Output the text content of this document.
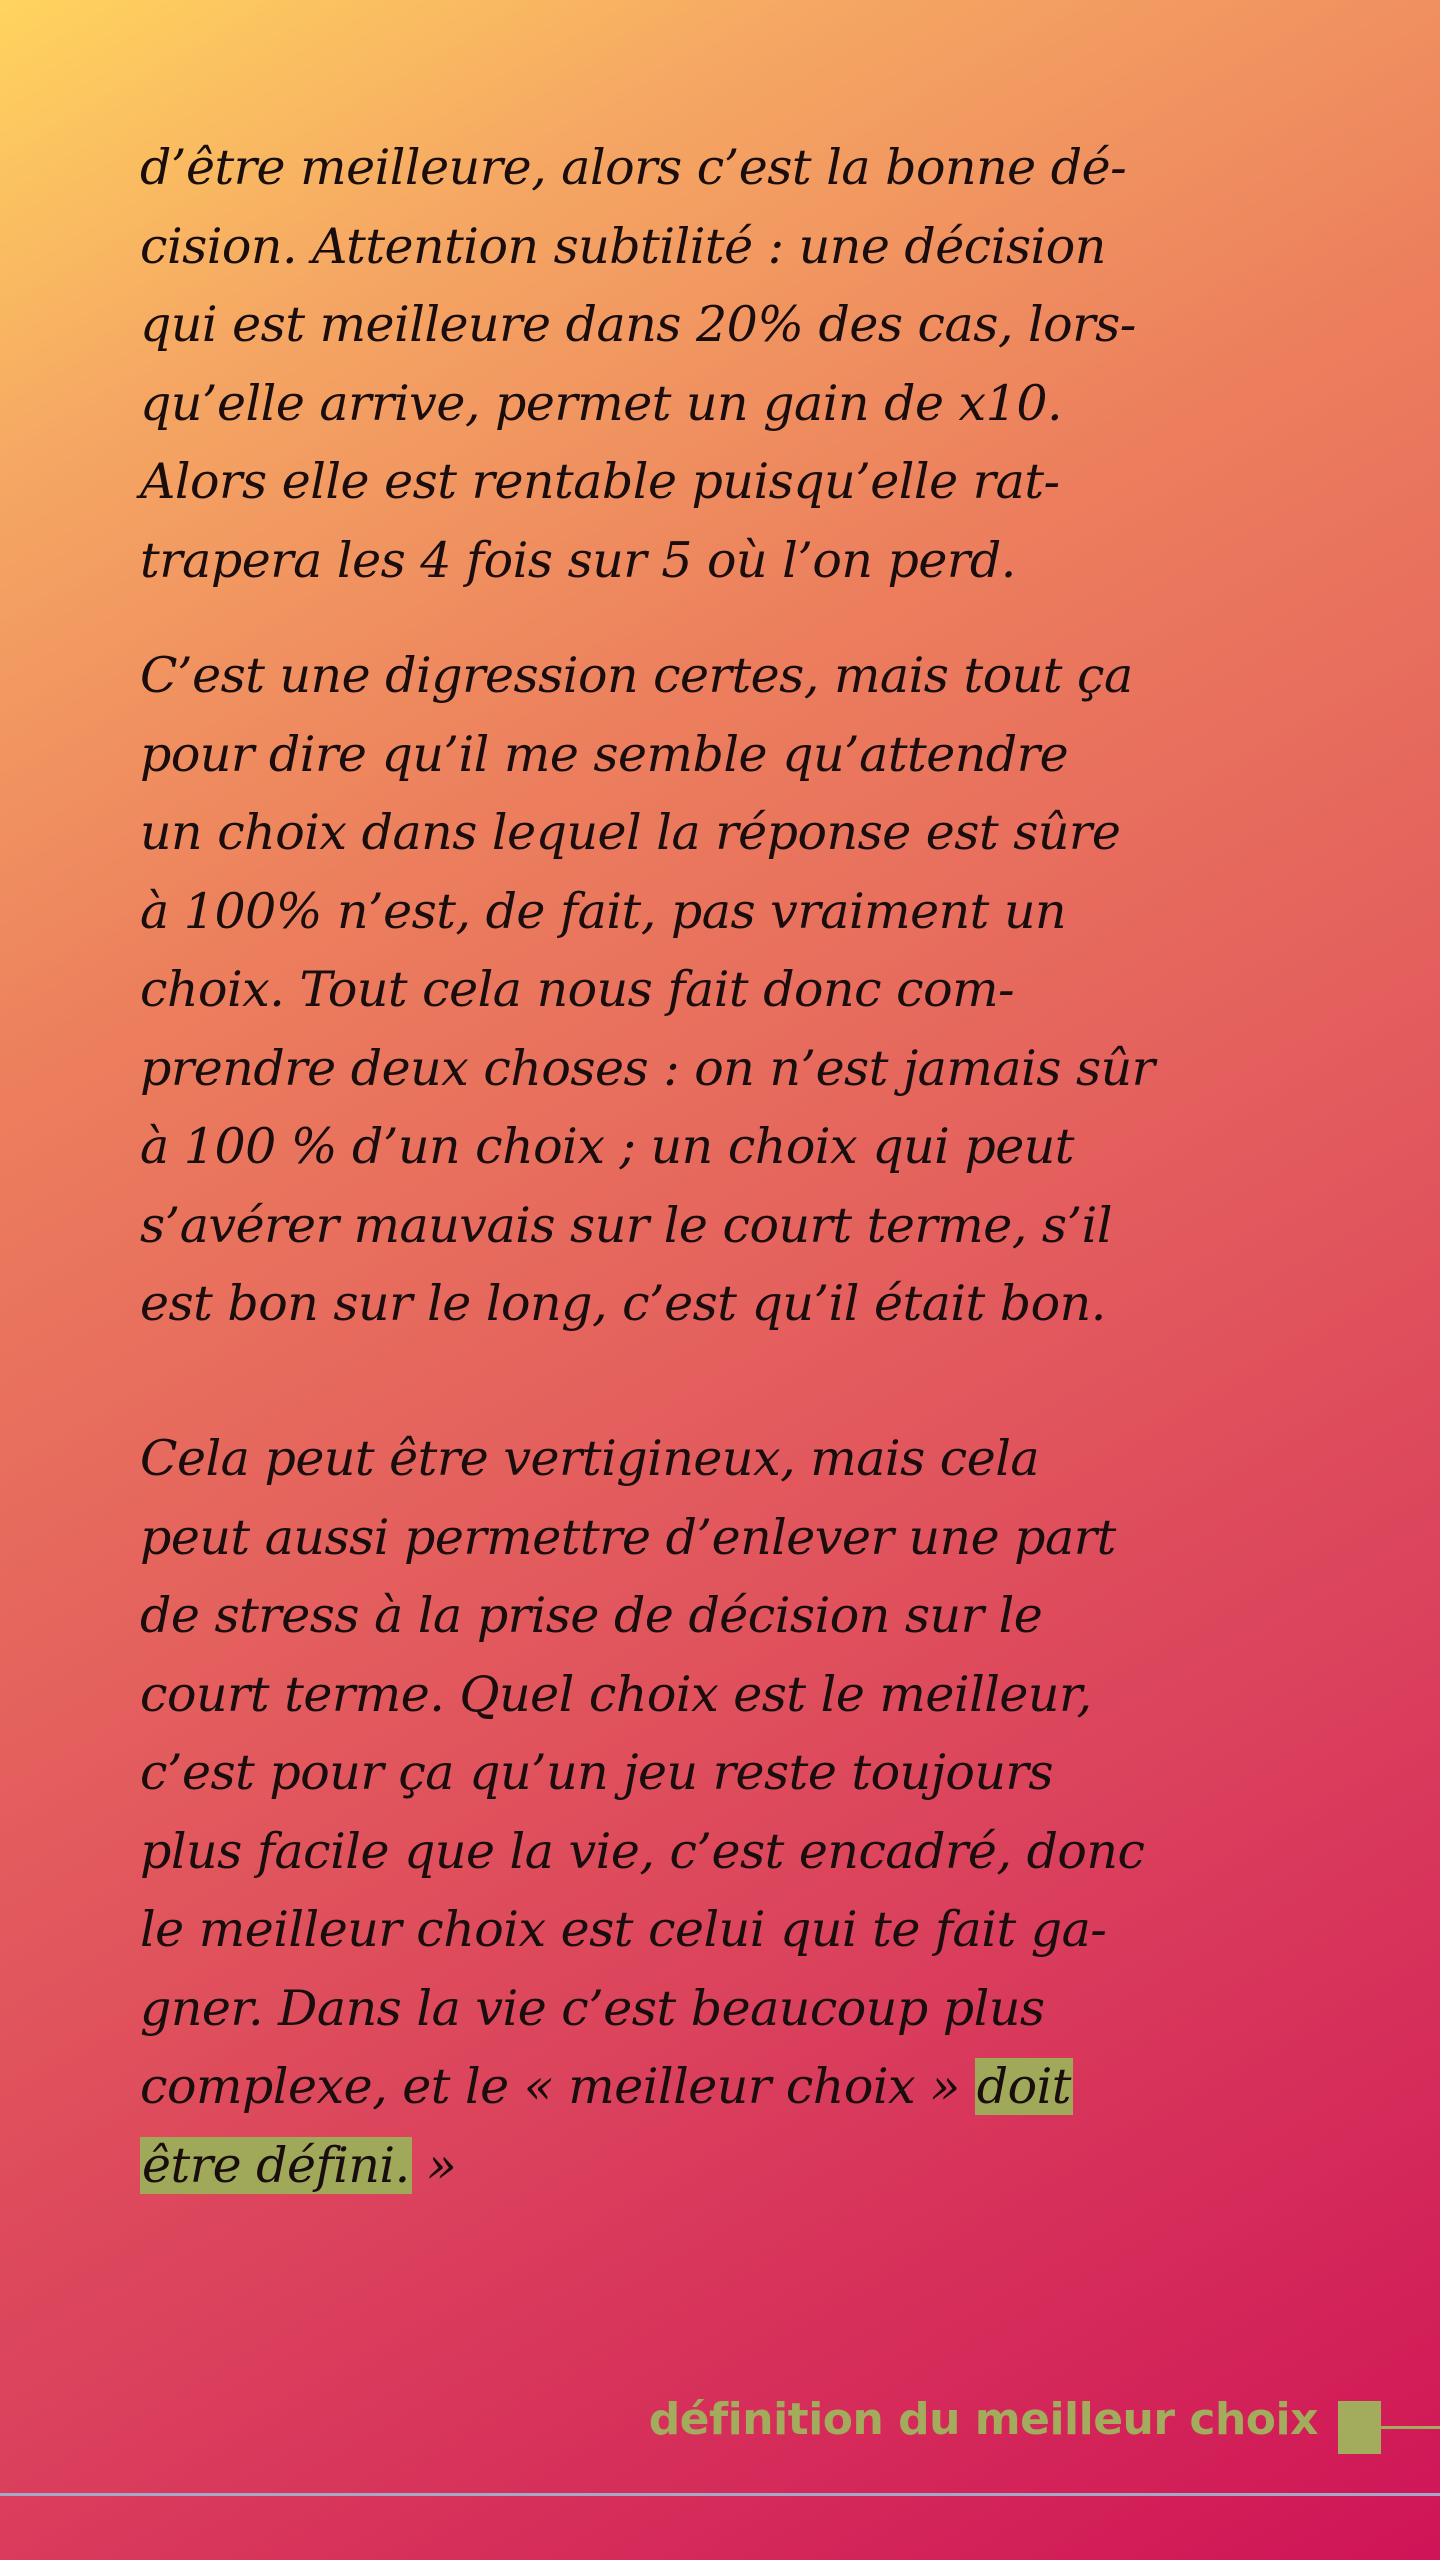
d’être meilleure, alors c’est la bonne dé-
cision. Attention subtilité : une décision
qui est meilleure dans 20% des cas, lors-
qu’elle arrive, permet un gain de x10.
Alors elle est rentable puisqu’elle rat-
trapera les 4 fois sur 5 où l’on perd.
C’est une digression certes, mais tout ça
pour dire qu’il me semble qu’attendre
un choix dans lequel la réponse est sûre
à 100% n’est, de fait, pas vraiment un
choix. Tout cela nous fait donc com-
prendre deux choses : on n’est jamais sûr
à 100 % d’un choix ; un choix qui peut
s’avérer mauvais sur le court terme, s’il
est bon sur le long, c’est qu’il était bon.
Cela peut être vertigineux, mais cela
peut aussi permettre d’enlever une part
de stress à la prise de décision sur le
court terme. Quel choix est le meilleur,
c’est pour ça qu’un jeu reste toujours
plus facile que la vie, c’est encadré, donc
le meilleur choix est celui qui te fait ga-
gner. Dans la vie c’est beaucoup plus
complexe, et le « meilleur choix » doit
être défini. »
définition du meilleur choix
